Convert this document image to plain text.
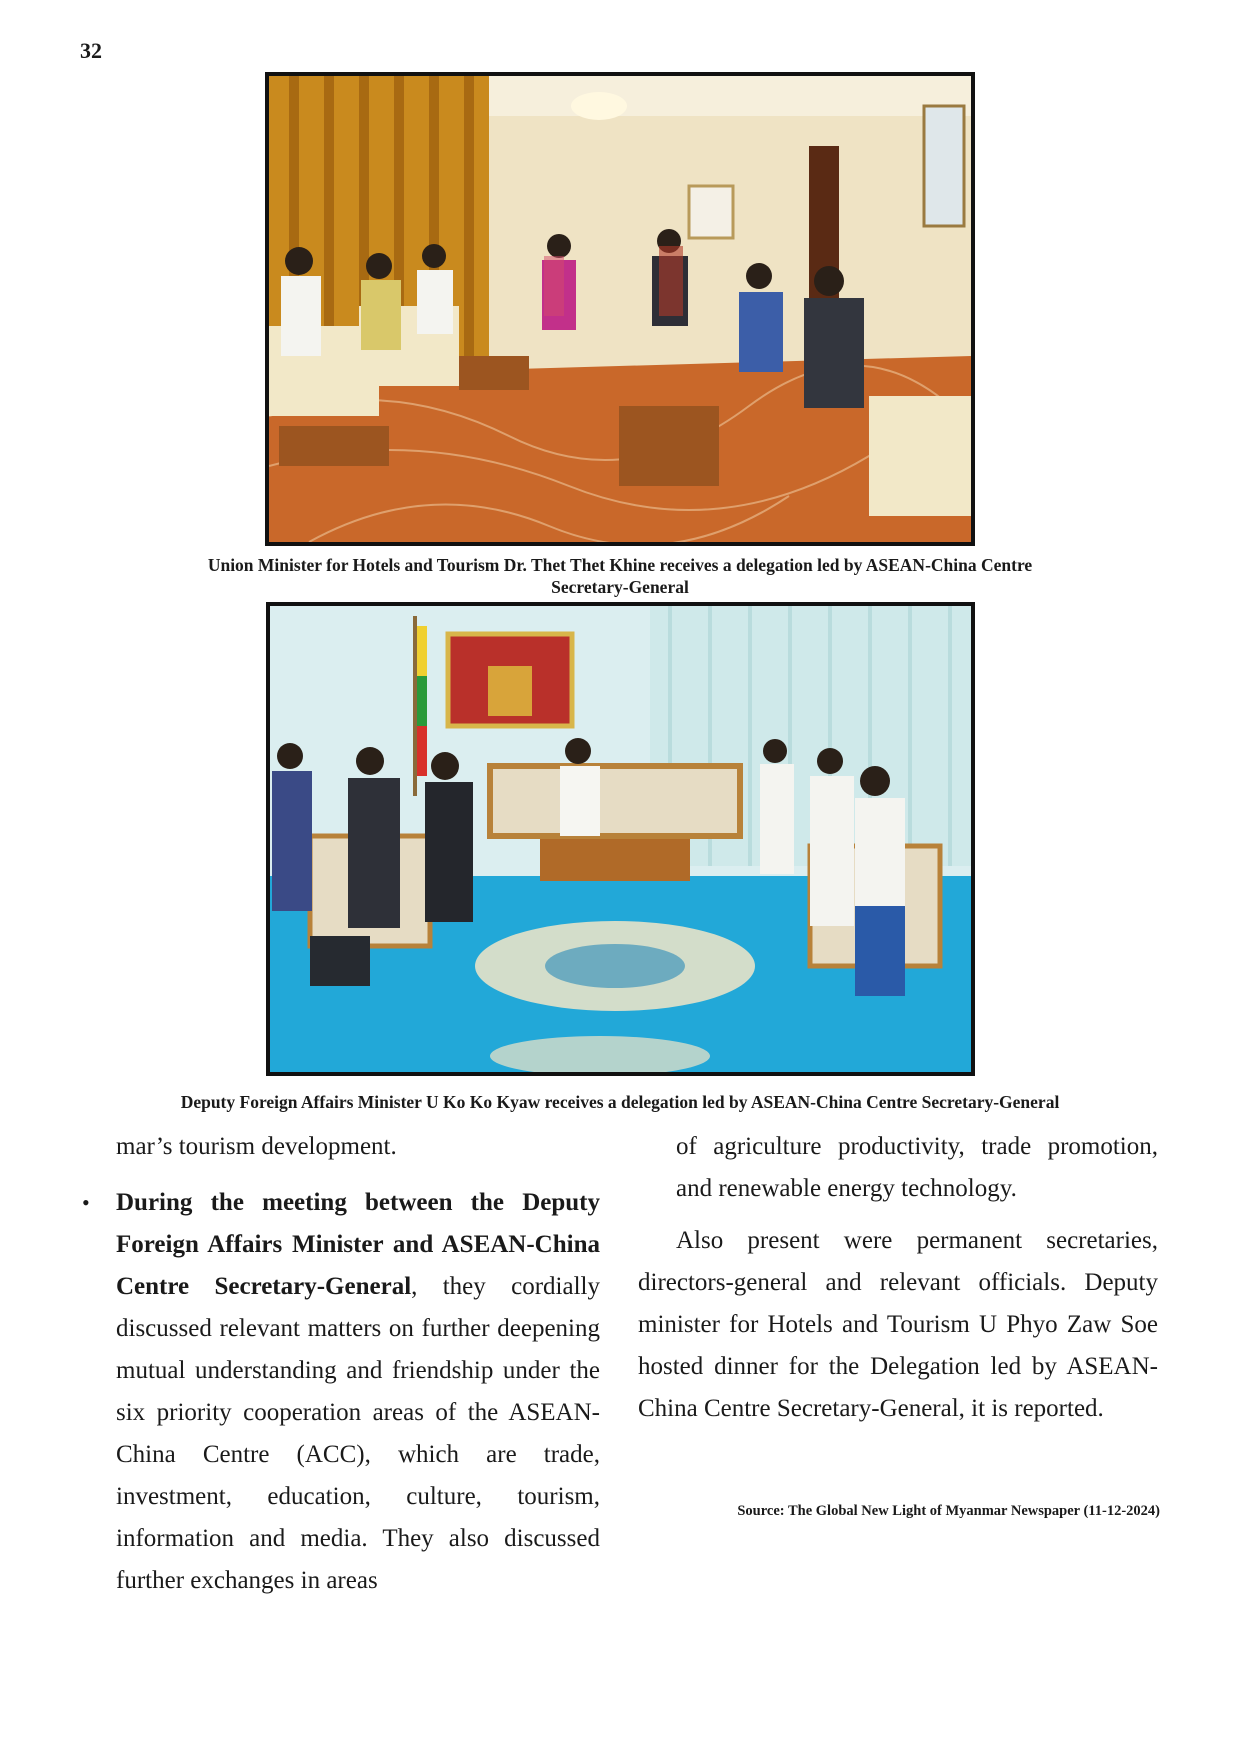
32
Union Minister for Hotels and Tourism Dr. Thet Thet Khine receives a delegation led by ASEAN-China Centre
Secretary-General
Deputy Foreign Affairs Minister U Ko Ko Kyaw receives a delegation led by ASEAN-China Centre Secretary-General

mar’s tourism development.

• During the meeting between the Deputy Foreign Affairs Minister and ASEAN-China Centre Secretary-General, they cordially discussed relevant matters on further deepening mutual understanding and friendship under the six priority cooperation areas of the ASEAN-China Centre (ACC), which are trade, investment, education, culture, tourism, information and media. They also discussed further exchanges in areas

of agriculture productivity, trade promotion, and renewable energy technology.

Also present were permanent secretaries, directors-general and relevant officials. Deputy minister for Hotels and Tourism U Phyo Zaw Soe hosted dinner for the Delegation led by ASEAN-China Centre Secretary-General, it is reported.

Source: The Global New Light of Myanmar Newspaper (11-12-2024)
